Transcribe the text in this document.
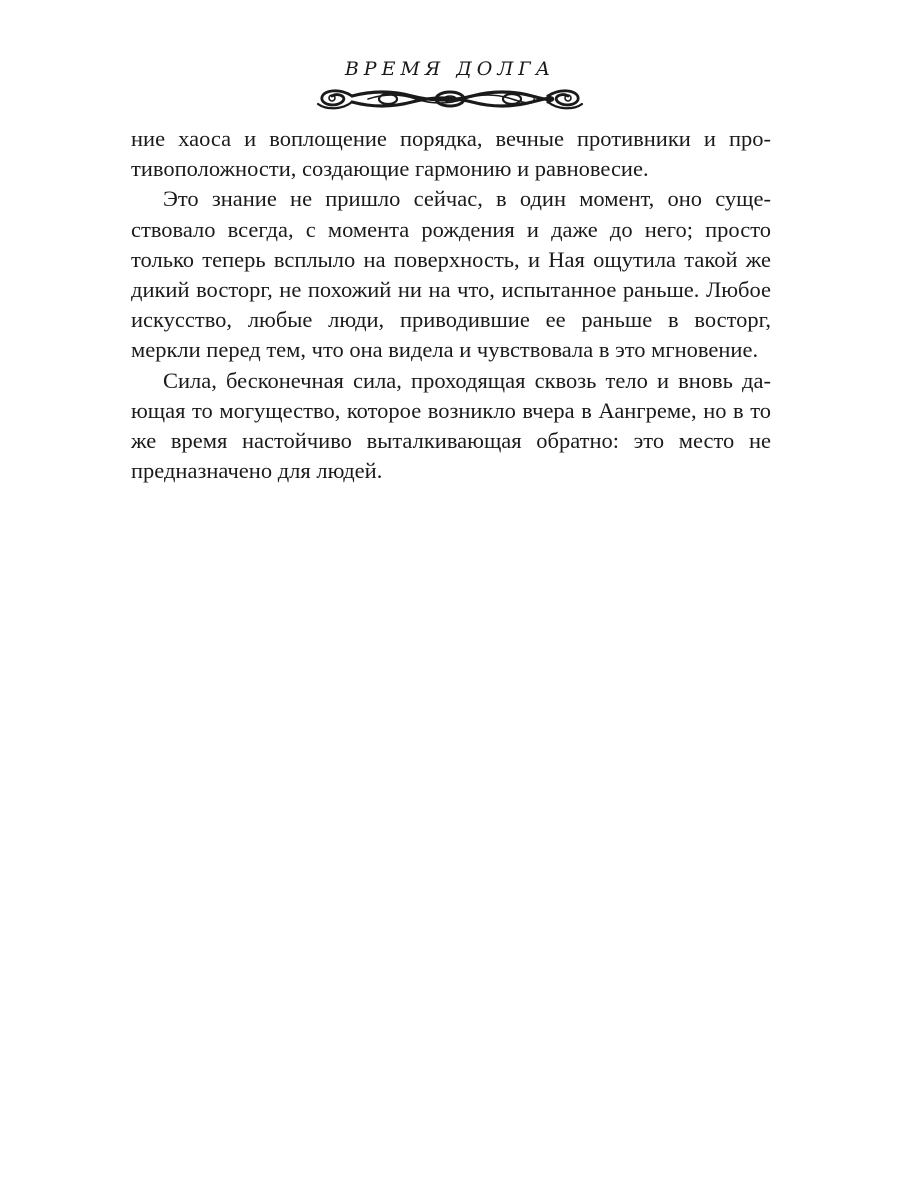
ВРЕМЯ ДОЛГА

ние хаоса и воплощение порядка, вечные противники и противоположности, создающие гармонию и равновесие.

Это знание не пришло сейчас, в один момент, оно существовало всегда, с момента рождения и даже до него; просто только теперь всплыло на поверхность, и Ная ощутила такой же дикий восторг, не похожий ни на что, испытанное раньше. Любое искусство, любые люди, приводившие ее раньше в восторг, меркли перед тем, что она видела и чувствовала в это мгновение.

Сила, бесконечная сила, проходящая сквозь тело и вновь дающая то могущество, которое возникло вчера в Аангреме, но в то же время настойчиво выталкивающая обратно: это место не предназначено для людей.
